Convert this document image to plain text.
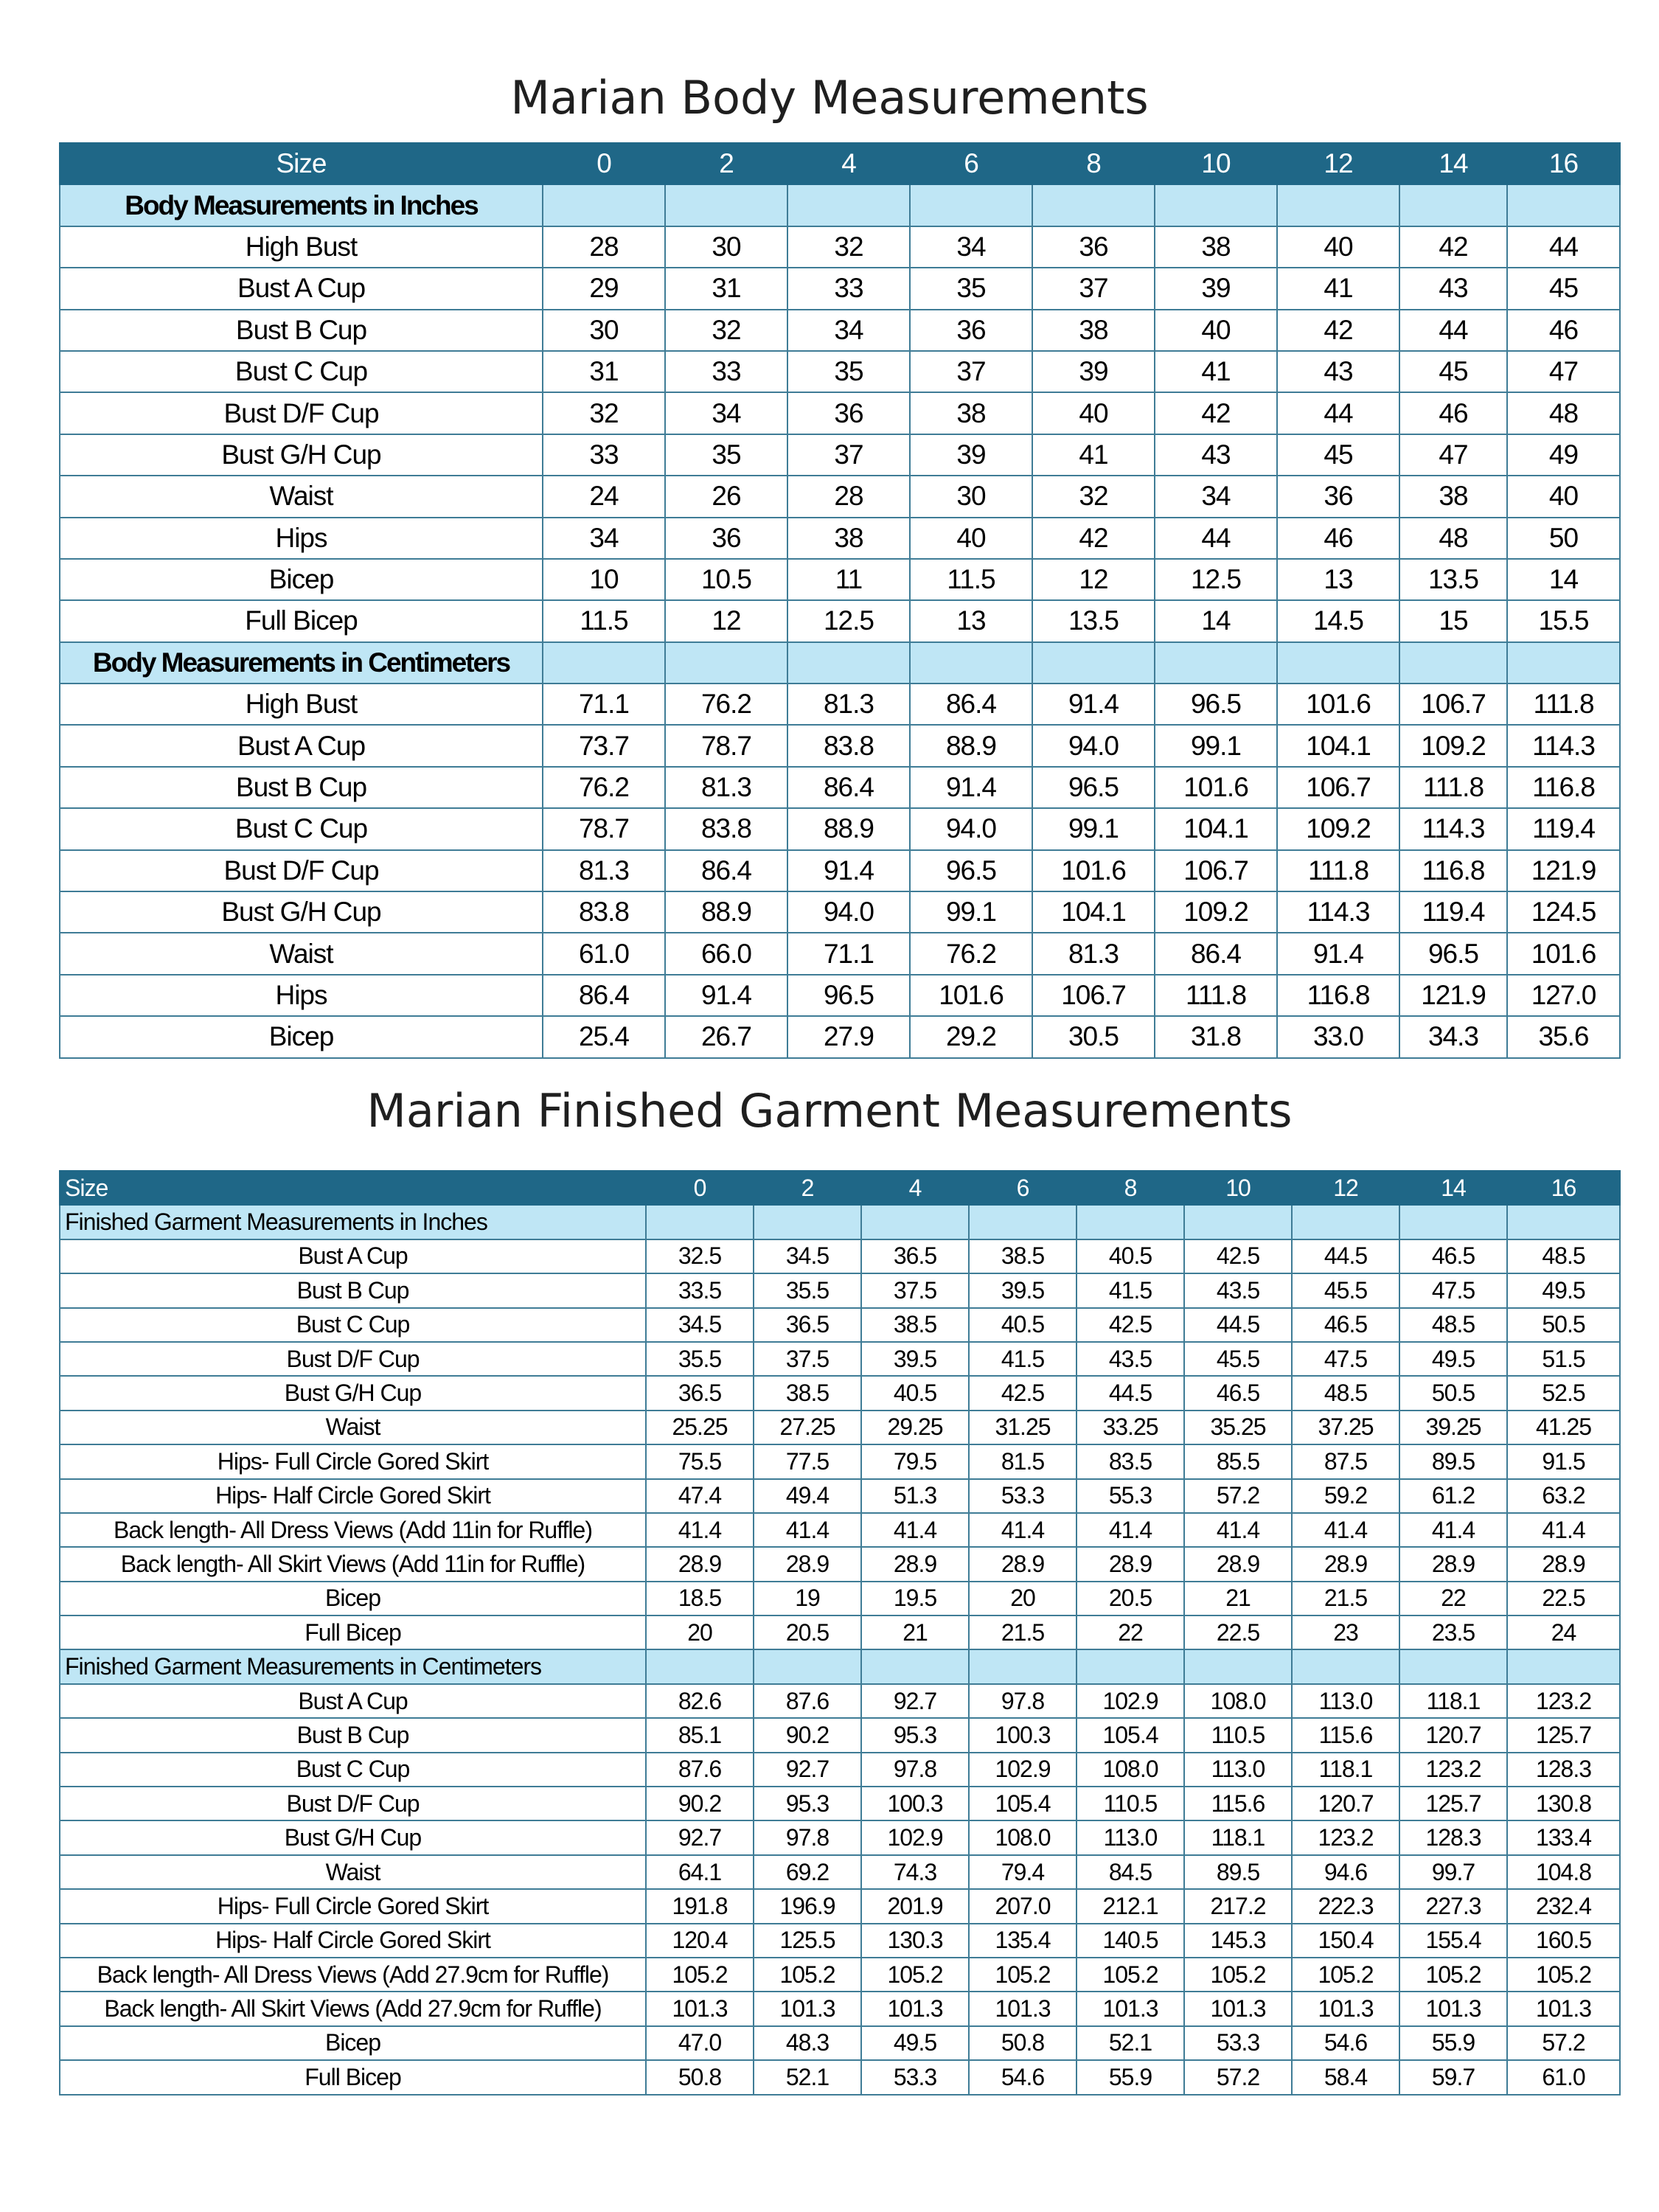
Marian Body Measurements
Size	0	2	4	6	8	10	12	14	16
Body Measurements in Inches									
High Bust	28	30	32	34	36	38	40	42	44
Bust A Cup	29	31	33	35	37	39	41	43	45
Bust B Cup	30	32	34	36	38	40	42	44	46
Bust C Cup	31	33	35	37	39	41	43	45	47
Bust D/F Cup	32	34	36	38	40	42	44	46	48
Bust G/H Cup	33	35	37	39	41	43	45	47	49
Waist	24	26	28	30	32	34	36	38	40
Hips	34	36	38	40	42	44	46	48	50
Bicep	10	10.5	11	11.5	12	12.5	13	13.5	14
Full Bicep	11.5	12	12.5	13	13.5	14	14.5	15	15.5
Body Measurements in Centimeters									
High Bust	71.1	76.2	81.3	86.4	91.4	96.5	101.6	106.7	111.8
Bust A Cup	73.7	78.7	83.8	88.9	94.0	99.1	104.1	109.2	114.3
Bust B Cup	76.2	81.3	86.4	91.4	96.5	101.6	106.7	111.8	116.8
Bust C Cup	78.7	83.8	88.9	94.0	99.1	104.1	109.2	114.3	119.4
Bust D/F Cup	81.3	86.4	91.4	96.5	101.6	106.7	111.8	116.8	121.9
Bust G/H Cup	83.8	88.9	94.0	99.1	104.1	109.2	114.3	119.4	124.5
Waist	61.0	66.0	71.1	76.2	81.3	86.4	91.4	96.5	101.6
Hips	86.4	91.4	96.5	101.6	106.7	111.8	116.8	121.9	127.0
Bicep	25.4	26.7	27.9	29.2	30.5	31.8	33.0	34.3	35.6
Marian Finished Garment Measurements
Size	0	2	4	6	8	10	12	14	16
Finished Garment Measurements in Inches									
Bust A Cup	32.5	34.5	36.5	38.5	40.5	42.5	44.5	46.5	48.5
Bust B Cup	33.5	35.5	37.5	39.5	41.5	43.5	45.5	47.5	49.5
Bust C Cup	34.5	36.5	38.5	40.5	42.5	44.5	46.5	48.5	50.5
Bust D/F Cup	35.5	37.5	39.5	41.5	43.5	45.5	47.5	49.5	51.5
Bust G/H Cup	36.5	38.5	40.5	42.5	44.5	46.5	48.5	50.5	52.5
Waist	25.25	27.25	29.25	31.25	33.25	35.25	37.25	39.25	41.25
Hips- Full Circle Gored Skirt	75.5	77.5	79.5	81.5	83.5	85.5	87.5	89.5	91.5
Hips- Half Circle Gored Skirt	47.4	49.4	51.3	53.3	55.3	57.2	59.2	61.2	63.2
Back length- All Dress Views (Add 11in for Ruffle)	41.4	41.4	41.4	41.4	41.4	41.4	41.4	41.4	41.4
Back length- All Skirt Views (Add 11in for Ruffle)	28.9	28.9	28.9	28.9	28.9	28.9	28.9	28.9	28.9
Bicep	18.5	19	19.5	20	20.5	21	21.5	22	22.5
Full Bicep	20	20.5	21	21.5	22	22.5	23	23.5	24
Finished Garment Measurements in Centimeters									
Bust A Cup	82.6	87.6	92.7	97.8	102.9	108.0	113.0	118.1	123.2
Bust B Cup	85.1	90.2	95.3	100.3	105.4	110.5	115.6	120.7	125.7
Bust C Cup	87.6	92.7	97.8	102.9	108.0	113.0	118.1	123.2	128.3
Bust D/F Cup	90.2	95.3	100.3	105.4	110.5	115.6	120.7	125.7	130.8
Bust G/H Cup	92.7	97.8	102.9	108.0	113.0	118.1	123.2	128.3	133.4
Waist	64.1	69.2	74.3	79.4	84.5	89.5	94.6	99.7	104.8
Hips- Full Circle Gored Skirt	191.8	196.9	201.9	207.0	212.1	217.2	222.3	227.3	232.4
Hips- Half Circle Gored Skirt	120.4	125.5	130.3	135.4	140.5	145.3	150.4	155.4	160.5
Back length- All Dress Views (Add 27.9cm for Ruffle)	105.2	105.2	105.2	105.2	105.2	105.2	105.2	105.2	105.2
Back length- All Skirt Views (Add 27.9cm for Ruffle)	101.3	101.3	101.3	101.3	101.3	101.3	101.3	101.3	101.3
Bicep	47.0	48.3	49.5	50.8	52.1	53.3	54.6	55.9	57.2
Full Bicep	50.8	52.1	53.3	54.6	55.9	57.2	58.4	59.7	61.0
